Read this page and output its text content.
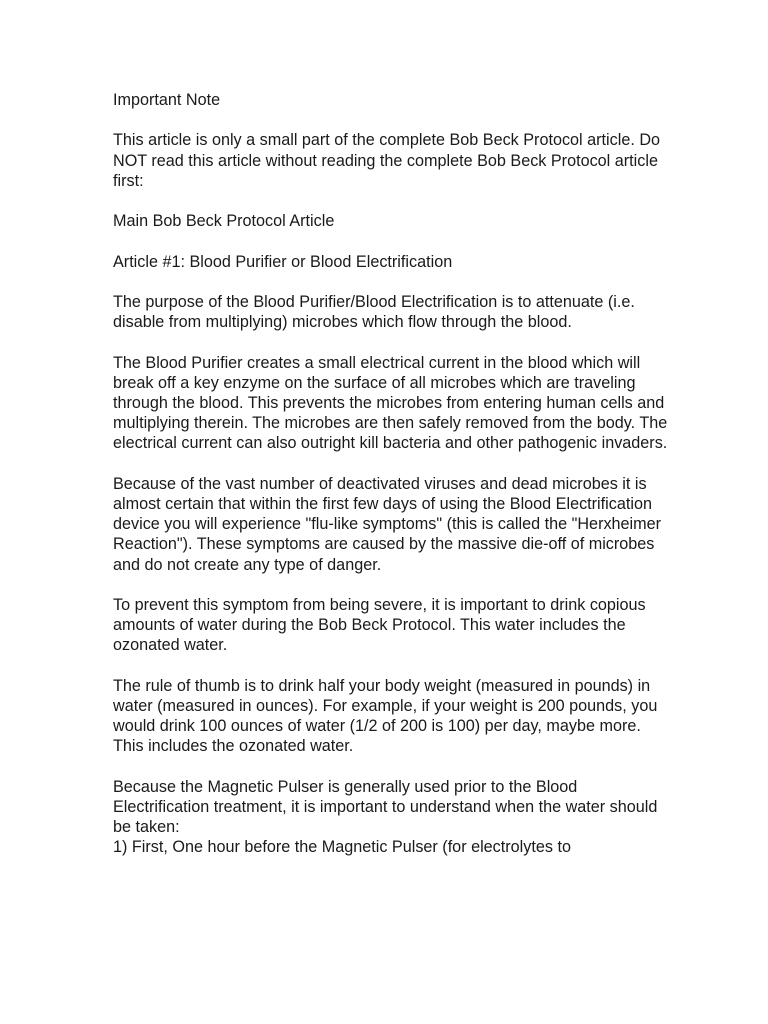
Important Note

This article is only a small part of the complete Bob Beck Protocol article. Do NOT read this article without reading the complete Bob Beck Protocol article first:

Main Bob Beck Protocol Article

Article #1: Blood Purifier or Blood Electrification

The purpose of the Blood Purifier/Blood Electrification is to attenuate (i.e. disable from multiplying) microbes which flow through the blood.

The Blood Purifier creates a small electrical current in the blood which will break off a key enzyme on the surface of all microbes which are traveling through the blood. This prevents the microbes from entering human cells and multiplying therein. The microbes are then safely removed from the body. The electrical current can also outright kill bacteria and other pathogenic invaders.

Because of the vast number of deactivated viruses and dead microbes it is almost certain that within the first few days of using the Blood Electrification device you will experience "flu-like symptoms" (this is called the "Herxheimer Reaction"). These symptoms are caused by the massive die-off of microbes and do not create any type of danger.

To prevent this symptom from being severe, it is important to drink copious amounts of water during the Bob Beck Protocol. This water includes the ozonated water.

The rule of thumb is to drink half your body weight (measured in pounds) in water (measured in ounces). For example, if your weight is 200 pounds, you would drink 100 ounces of water (1/2 of 200 is 100) per day, maybe more. This includes the ozonated water.

Because the Magnetic Pulser is generally used prior to the Blood Electrification treatment, it is important to understand when the water should be taken:

1) First, One hour before the Magnetic Pulser (for electrolytes to
